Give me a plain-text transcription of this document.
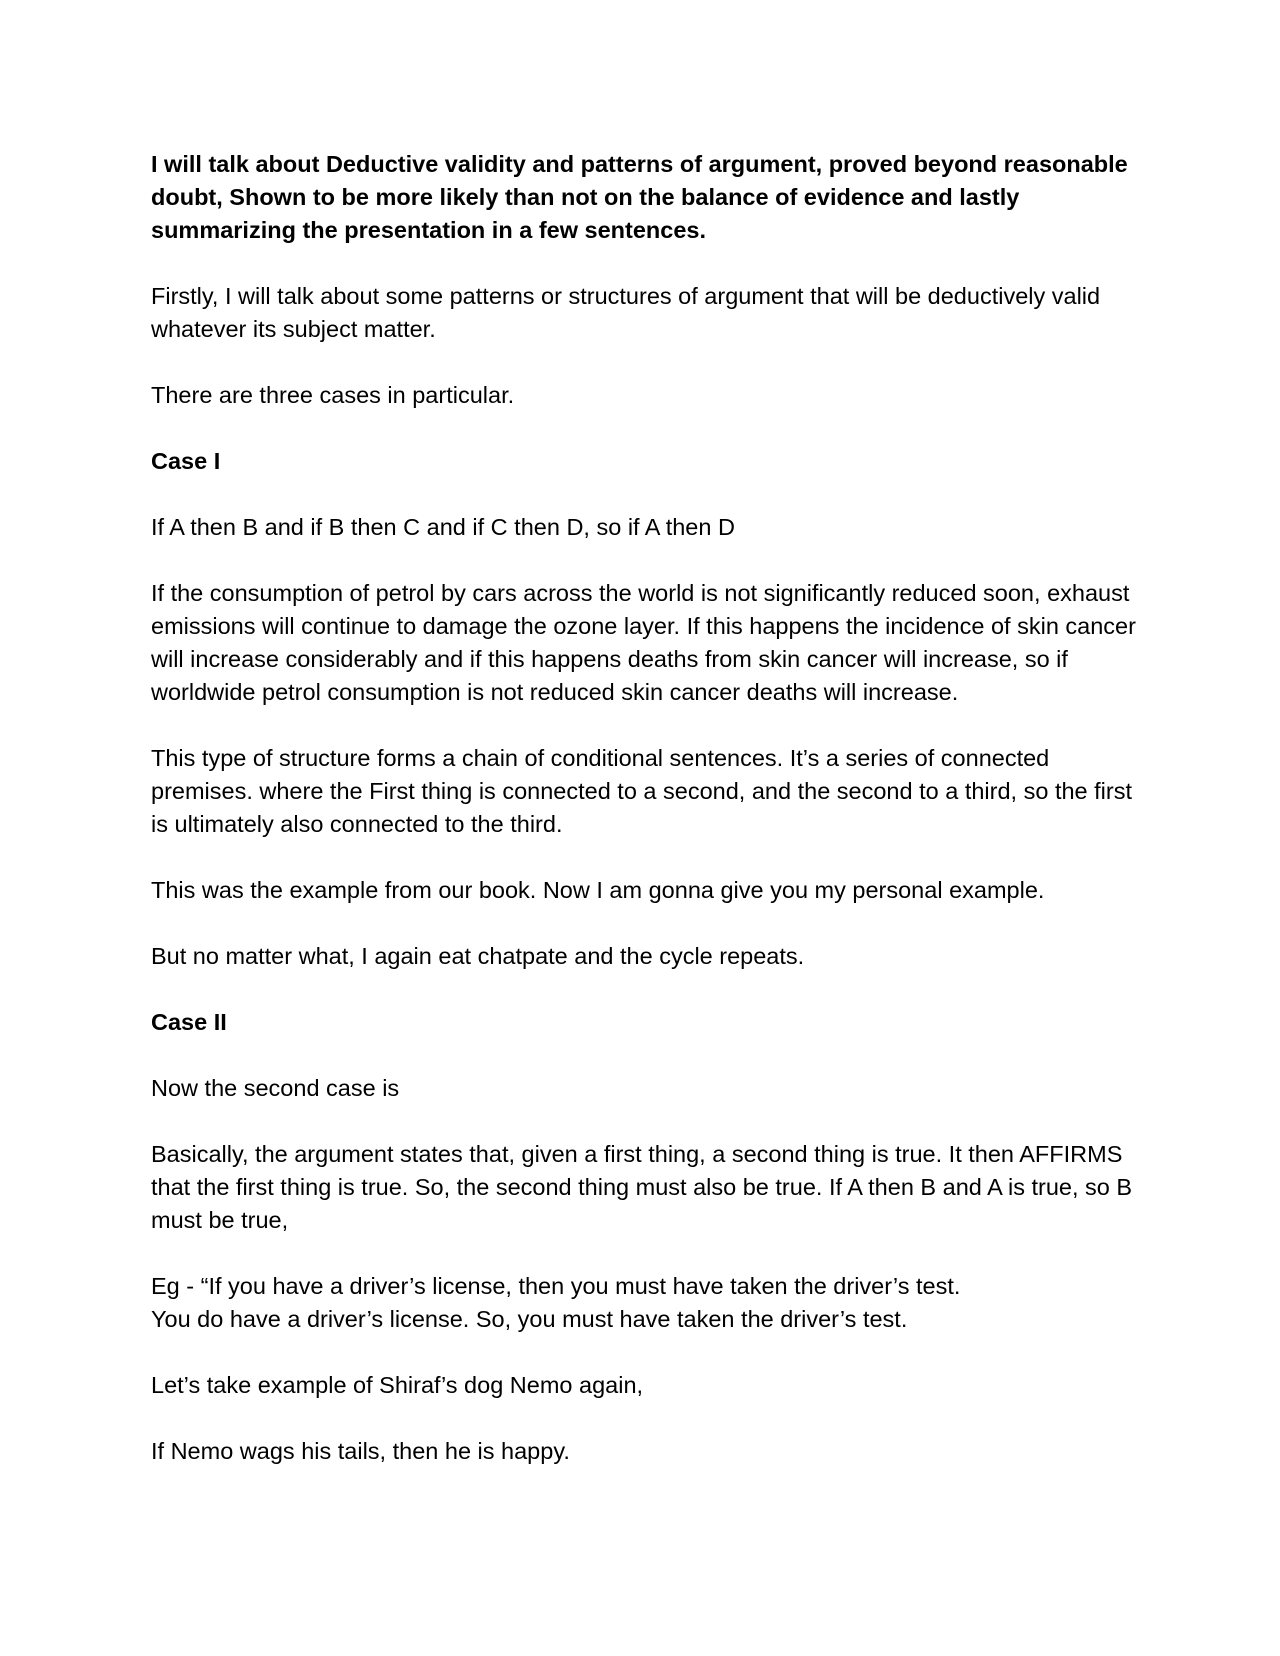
I will talk about Deductive validity and patterns of argument, proved beyond reasonable doubt, Shown to be more likely than not on the balance of evidence and lastly summarizing the presentation in a few sentences.

Firstly, I will talk about some patterns or structures of argument that will be deductively valid whatever its subject matter.

There are three cases in particular.

Case I

If A then B and if B then C and if C then D, so if A then D

If the consumption of petrol by cars across the world is not significantly reduced soon, exhaust emissions will continue to damage the ozone layer. If this happens the incidence of skin cancer will increase considerably and if this happens deaths from skin cancer will increase, so if worldwide petrol consumption is not reduced skin cancer deaths will increase.

This type of structure forms a chain of conditional sentences. It’s a series of connected premises. where the First thing is connected to a second, and the second to a third, so the first is ultimately also connected to the third.

This was the example from our book. Now I am gonna give you my personal example.

But no matter what, I again eat chatpate and the cycle repeats.

Case II

Now the second case is

Basically, the argument states that, given a first thing, a second thing is true. It then AFFIRMS that the first thing is true. So, the second thing must also be true. If A then B and A is true, so B must be true,

Eg - “If you have a driver’s license, then you must have taken the driver’s test.
You do have a driver’s license. So, you must have taken the driver’s test.

Let’s take example of Shiraf’s dog Nemo again,

If Nemo wags his tails, then he is happy.
